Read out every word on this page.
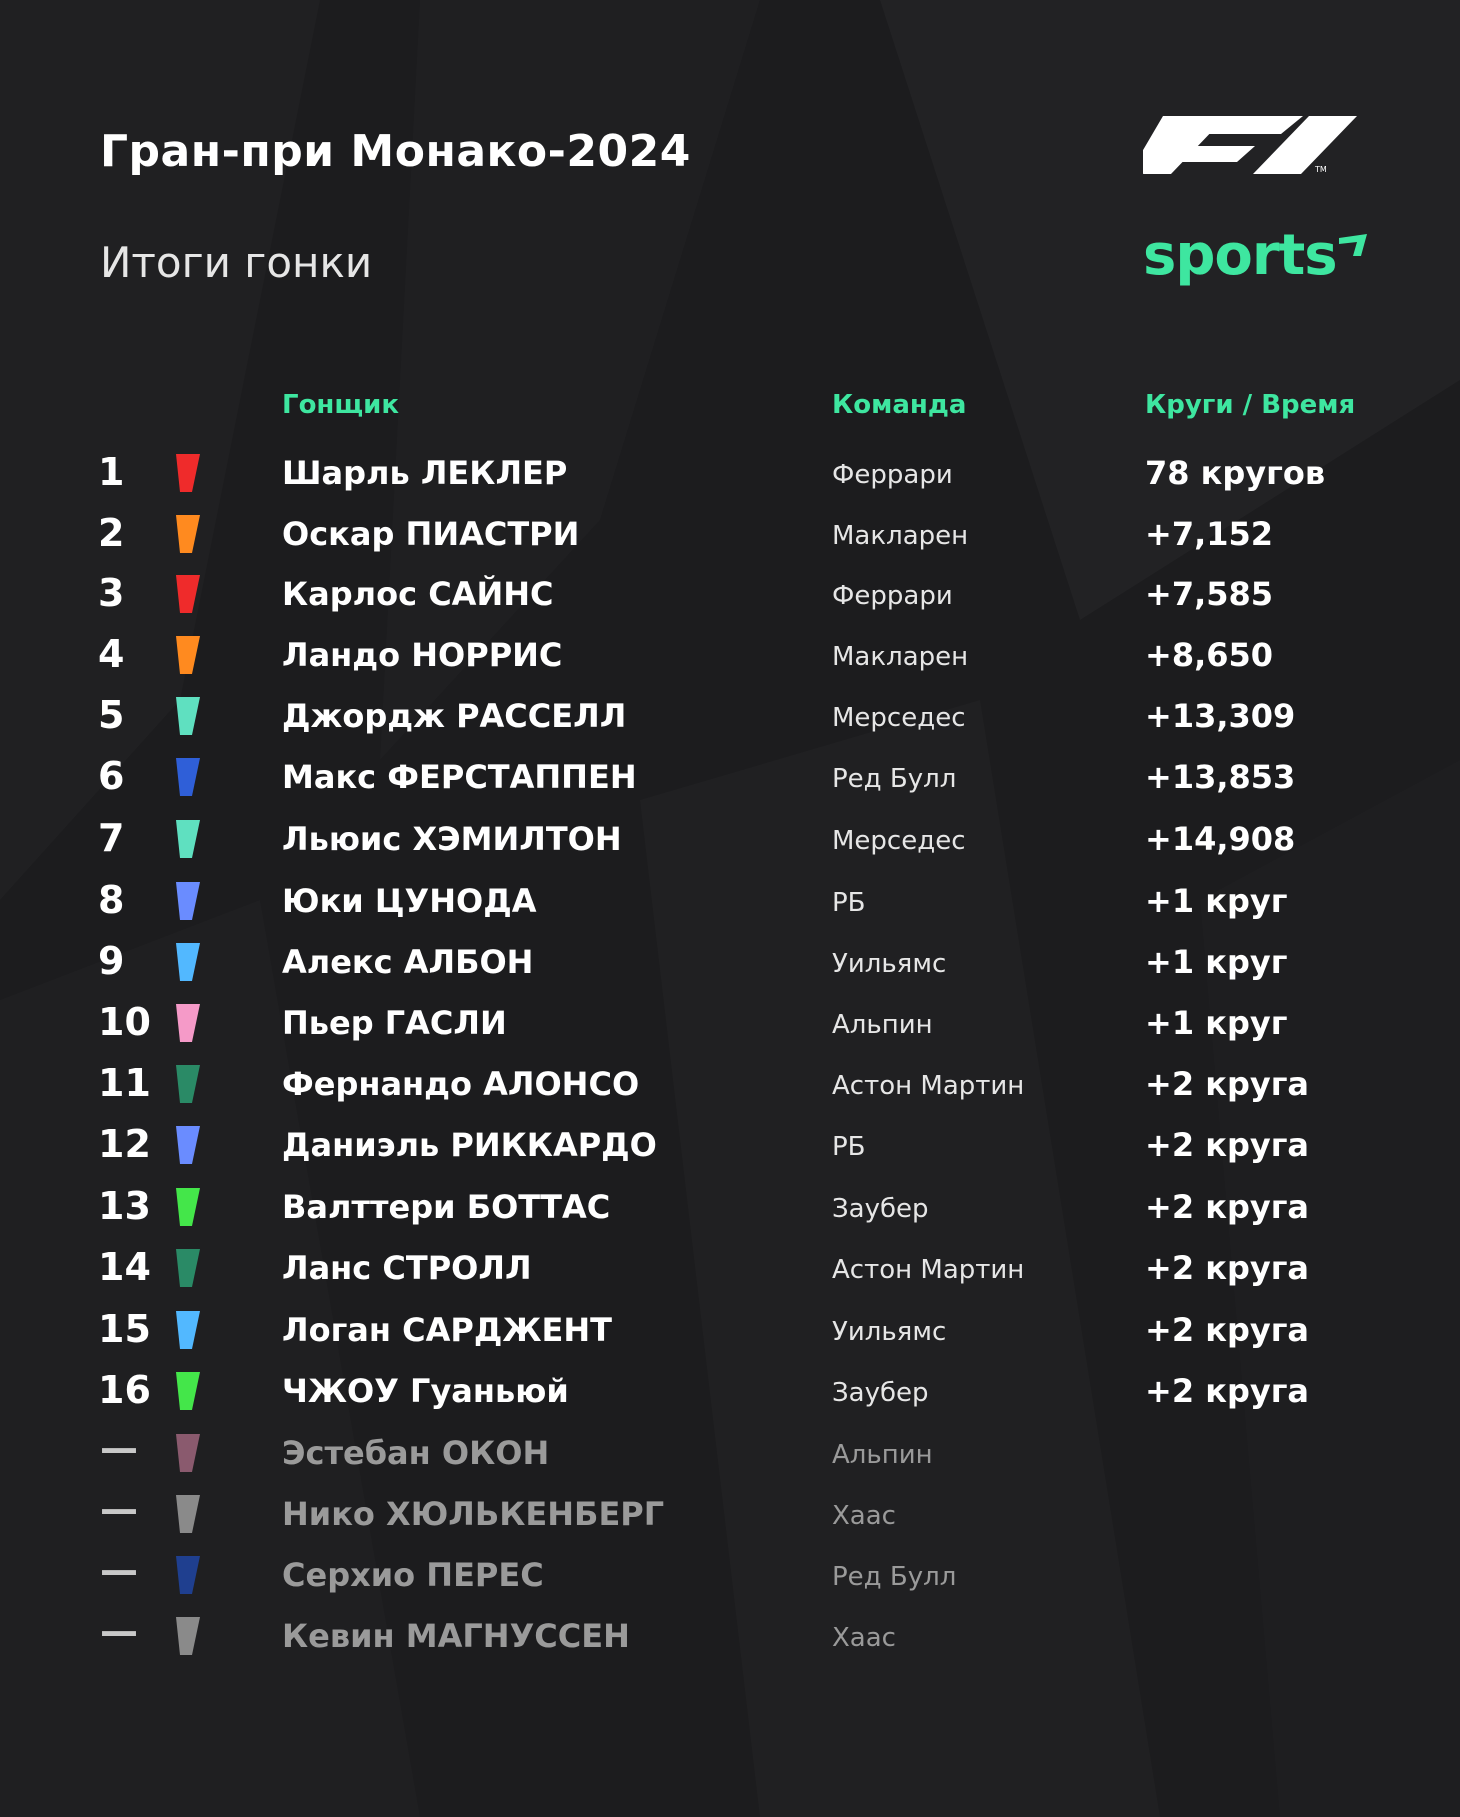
Гран-при Монако-2024
Итоги гонки
TM
sports
Гонщик	Команда	Круги / Время
1	Шарль ЛЕКЛЕР	Феррари	78 кругов
2	Оскар ПИАСТРИ	Макларен	+7,152
3	Карлос САЙНС	Феррари	+7,585
4	Ландо НОРРИС	Макларен	+8,650
5	Джордж РАССЕЛЛ	Мерседес	+13,309
6	Макс ФЕРСТАППЕН	Ред Булл	+13,853
7	Льюис ХЭМИЛТОН	Мерседес	+14,908
8	Юки ЦУНОДА	РБ	+1 круг
9	Алекс АЛБОН	Уильямс	+1 круг
10	Пьер ГАСЛИ	Альпин	+1 круг
11	Фернандо АЛОНСО	Астон Мартин	+2 круга
12	Даниэль РИККАРДО	РБ	+2 круга
13	Валттери БОТТАС	Заубер	+2 круга
14	Ланс СТРОЛЛ	Астон Мартин	+2 круга
15	Логан САРДЖЕНТ	Уильямс	+2 круга
16	ЧЖОУ Гуаньюй	Заубер	+2 круга
—	Эстебан ОКОН	Альпин
—	Нико ХЮЛЬКЕНБЕРГ	Хаас
—	Серхио ПЕРЕС	Ред Булл
—	Кевин МАГНУССЕН	Хаас
